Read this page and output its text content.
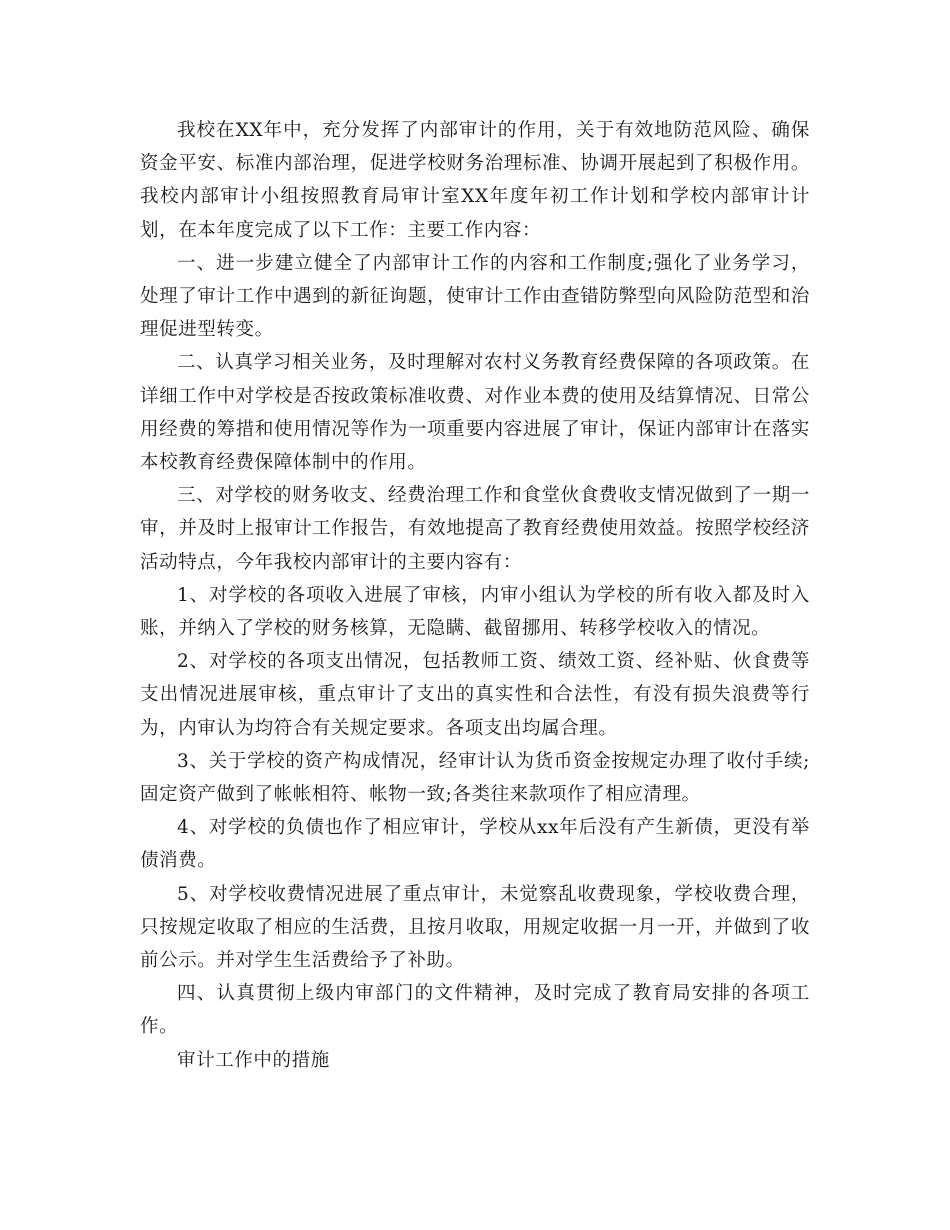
我校在XX年中，充分发挥了内部审计的作用，关于有效地防范风险、确保资金平安、标准内部治理，促进学校财务治理标准、协调开展起到了积极作用。我校内部审计小组按照教育局审计室XX年度年初工作计划和学校内部审计计划，在本年度完成了以下工作：主要工作内容：

一、进一步建立健全了内部审计工作的内容和工作制度;强化了业务学习，处理了审计工作中遇到的新征询题，使审计工作由查错防弊型向风险防范型和治理促进型转变。

二、认真学习相关业务，及时理解对农村义务教育经费保障的各项政策。在详细工作中对学校是否按政策标准收费、对作业本费的使用及结算情况、日常公用经费的筹措和使用情况等作为一项重要内容进展了审计，保证内部审计在落实本校教育经费保障体制中的作用。

三、对学校的财务收支、经费治理工作和食堂伙食费收支情况做到了一期一审，并及时上报审计工作报告，有效地提高了教育经费使用效益。按照学校经济活动特点，今年我校内部审计的主要内容有：

1、对学校的各项收入进展了审核，内审小组认为学校的所有收入都及时入账，并纳入了学校的财务核算，无隐瞒、截留挪用、转移学校收入的情况。

2、对学校的各项支出情况，包括教师工资、绩效工资、经补贴、伙食费等支出情况进展审核，重点审计了支出的真实性和合法性，有没有损失浪费等行为，内审认为均符合有关规定要求。各项支出均属合理。

3、关于学校的资产构成情况，经审计认为货币资金按规定办理了收付手续;固定资产做到了帐帐相符、帐物一致;各类往来款项作了相应清理。

4、对学校的负债也作了相应审计，学校从xx年后没有产生新债，更没有举债消费。

5、对学校收费情况进展了重点审计，未觉察乱收费现象，学校收费合理，只按规定收取了相应的生活费，且按月收取，用规定收据一月一开，并做到了收前公示。并对学生生活费给予了补助。

四、认真贯彻上级内审部门的文件精神，及时完成了教育局安排的各项工作。

审计工作中的措施
